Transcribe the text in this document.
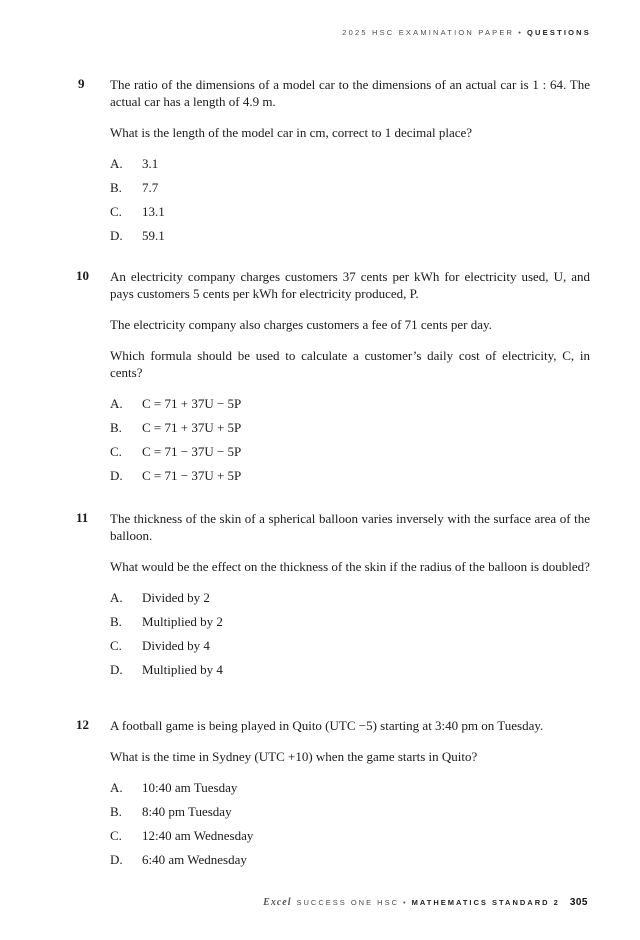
2025 HSC EXAMINATION PAPER • QUESTIONS
9	The ratio of the dimensions of a model car to the dimensions of an actual car is 1 : 64. The actual car has a length of 4.9 m.

What is the length of the model car in cm, correct to 1 decimal place?

A.	3.1
B.	7.7
C.	13.1
D.	59.1
10	An electricity company charges customers 37 cents per kWh for electricity used, U, and pays customers 5 cents per kWh for electricity produced, P.

The electricity company also charges customers a fee of 71 cents per day.

Which formula should be used to calculate a customer’s daily cost of electricity, C, in cents?

A.	C = 71 + 37U − 5P
B.	C = 71 + 37U + 5P
C.	C = 71 − 37U − 5P
D.	C = 71 − 37U + 5P
11	The thickness of the skin of a spherical balloon varies inversely with the surface area of the balloon.

What would be the effect on the thickness of the skin if the radius of the balloon is doubled?

A.	Divided by 2
B.	Multiplied by 2
C.	Divided by 4
D.	Multiplied by 4
12	A football game is being played in Quito (UTC −5) starting at 3:40 pm on Tuesday.

What is the time in Sydney (UTC +10) when the game starts in Quito?

A.	10:40 am Tuesday
B.	8:40 pm Tuesday
C.	12:40 am Wednesday
D.	6:40 am Wednesday
Excel SUCCESS ONE HSC • MATHEMATICS STANDARD 2 305
